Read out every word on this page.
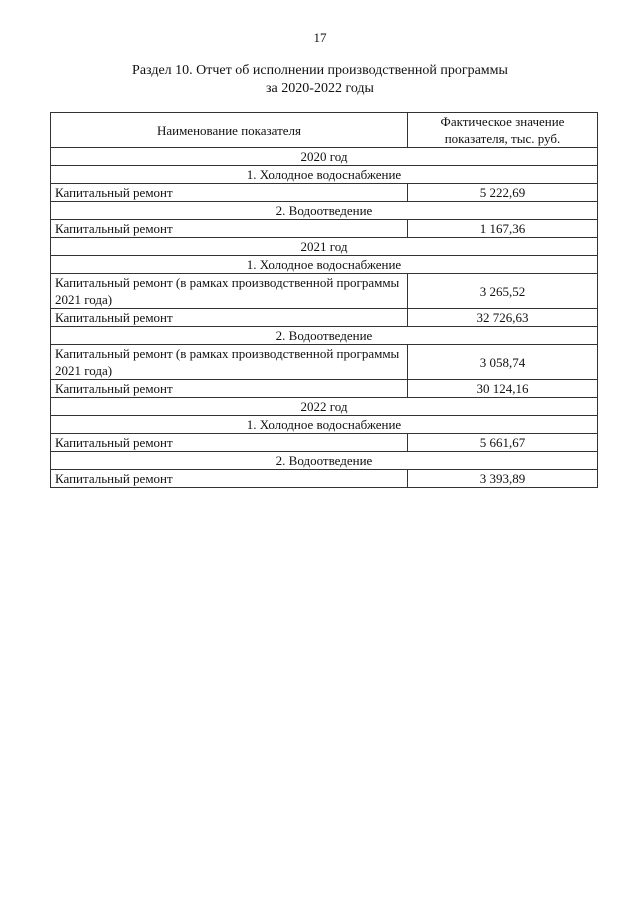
17
Раздел 10. Отчет об исполнении производственной программы
за 2020-2022 годы
Наименование показателя	Фактическое значение
показателя, тыс. руб.

2020 год	
1. Холодное водоснабжение	
Капитальный ремонт	5 222,69
2. Водоотведение	
Капитальный ремонт	1 167,36
2021 год	
1. Холодное водоснабжение	
Капитальный ремонт (в рамках производственной программы 2021 года)	3 265,52
Капитальный ремонт	32 726,63
2. Водоотведение	
Капитальный ремонт (в рамках производственной программы 2021 года)	3 058,74
Капитальный ремонт	30 124,16
2022 год	
1. Холодное водоснабжение	
Капитальный ремонт	5 661,67
2. Водоотведение	
Капитальный ремонт	3 393,89
